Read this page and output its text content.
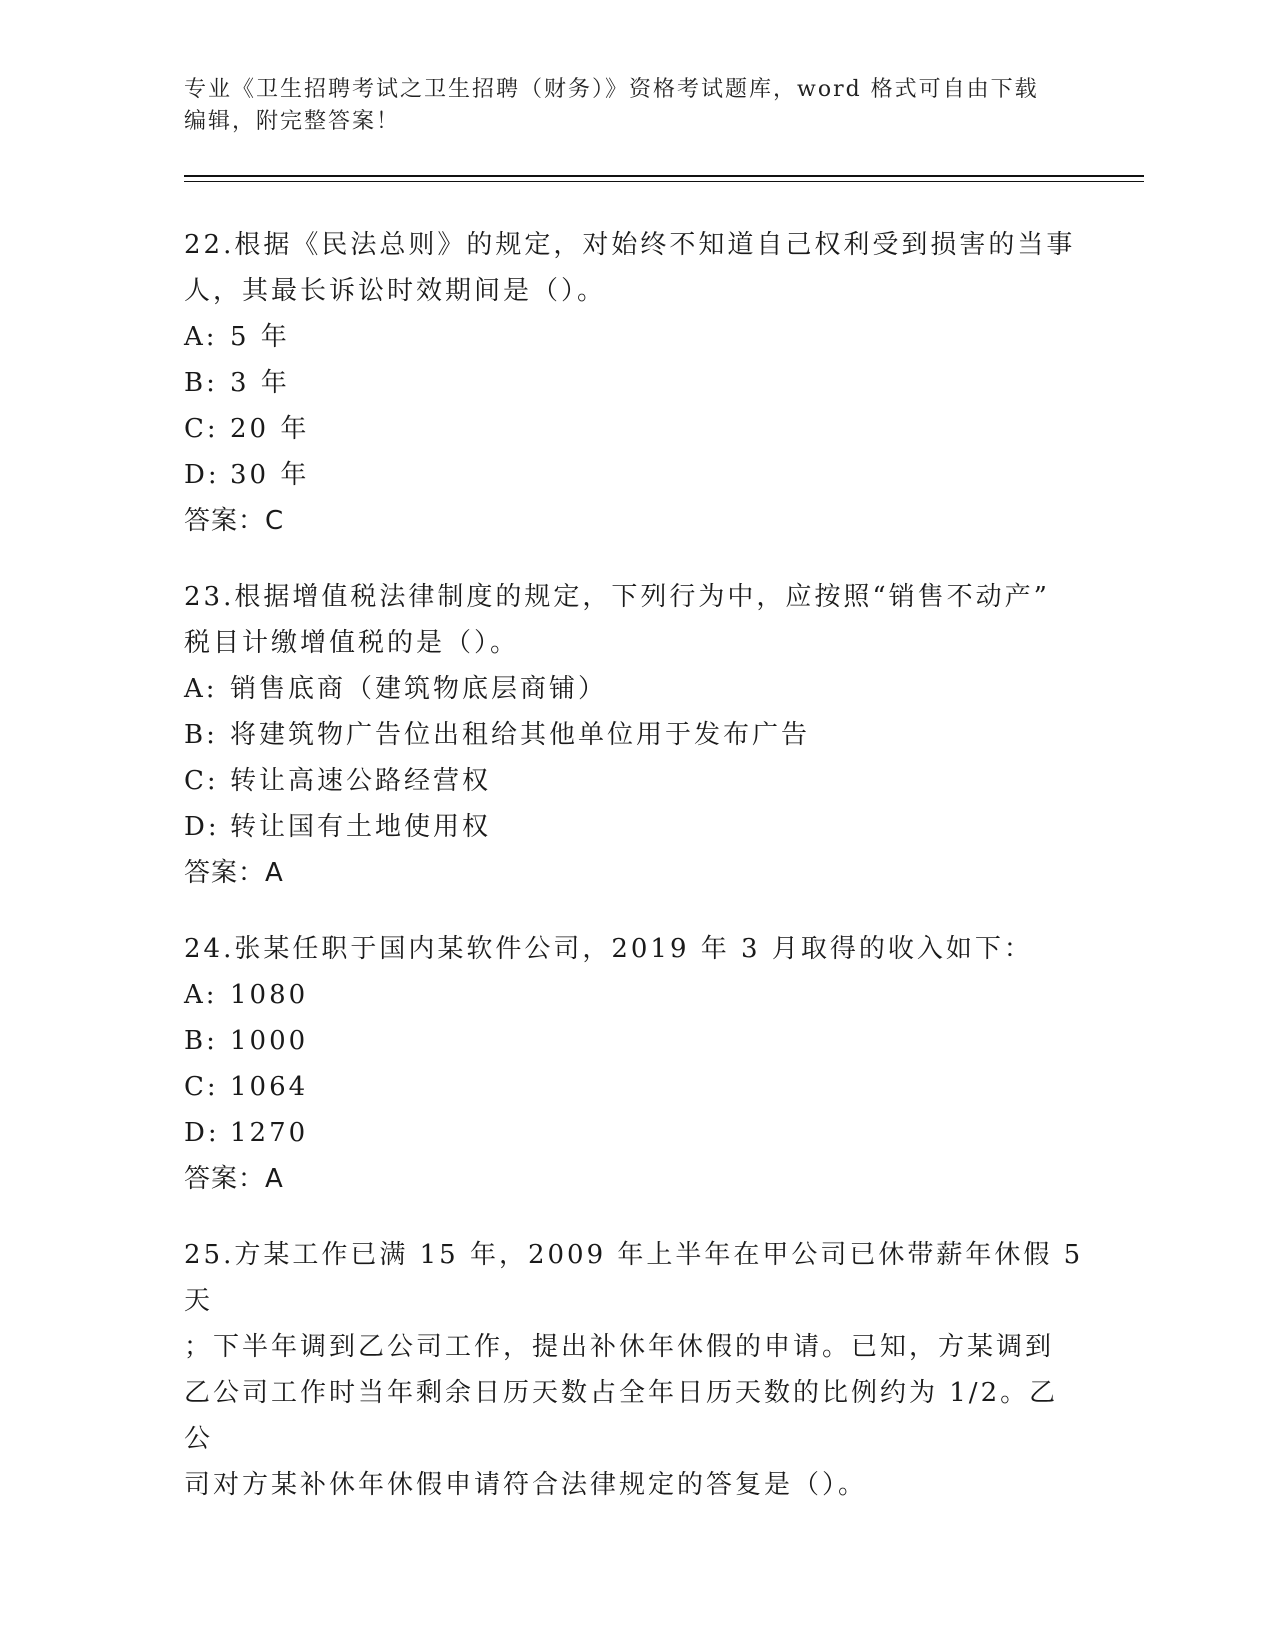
专业《卫生招聘考试之卫生招聘（财务）》资格考试题库，word 格式可自由下载
编辑，附完整答案！

22.根据《民法总则》的规定，对始终不知道自己权利受到损害的当事

人，其最长诉讼时效期间是（）。

A: 5 年

B: 3 年

C: 20 年

D: 30 年

答案：C

23.根据增值税法律制度的规定，下列行为中，应按照“销售不动产”

税目计缴增值税的是（）。

A: 销售底商（建筑物底层商铺）

B: 将建筑物广告位出租给其他单位用于发布广告

C: 转让高速公路经营权

D: 转让国有土地使用权

答案：A

24.张某任职于国内某软件公司，2019 年 3 月取得的收入如下：

A: 1080

B: 1000

C: 1064

D: 1270

答案：A

25.方某工作已满 15 年，2009 年上半年在甲公司已休带薪年休假 5 天

；下半年调到乙公司工作，提出补休年休假的申请。已知，方某调到

乙公司工作时当年剩余日历天数占全年日历天数的比例约为 1/2。乙公

司对方某补休年休假申请符合法律规定的答复是（）。
